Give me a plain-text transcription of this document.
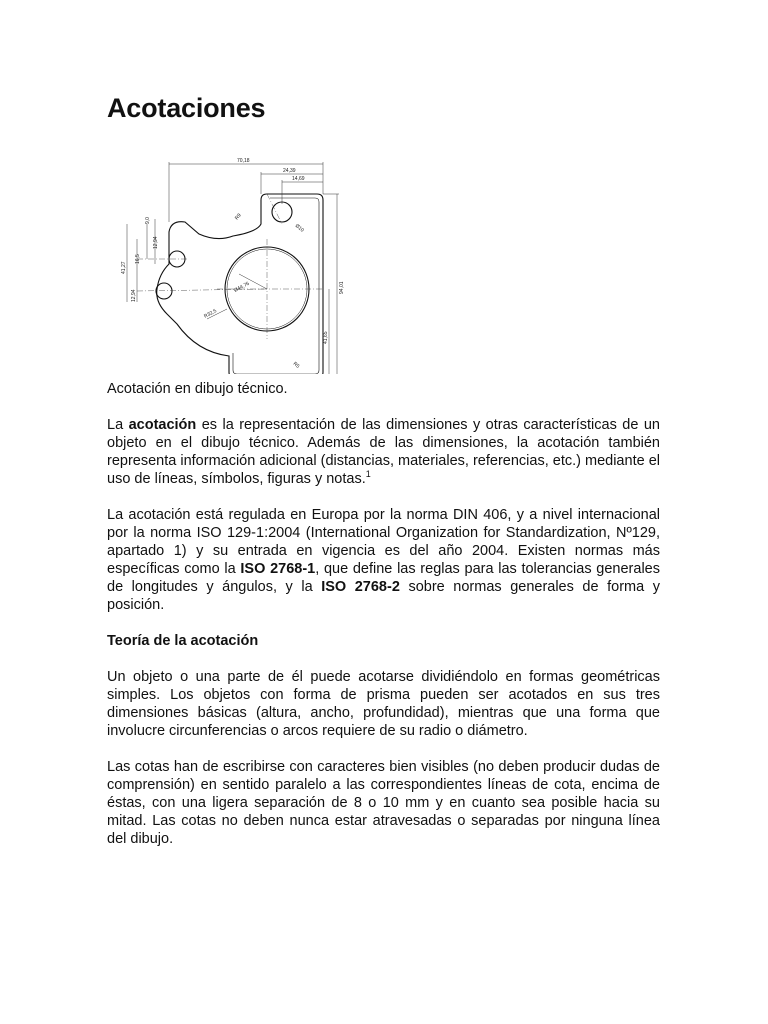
Acotaciones
70,18
24,39
14,69
9,0
12,94
16,5
41,27
12,94
Ø44,76
R32,5
94,01
41,65
R9
Ø10
R5
Acotación en dibujo técnico.

La acotación es la representación de las dimensiones y otras características de un objeto en el dibujo técnico. Además de las dimensiones, la acotación también representa información adicional (distancias, materiales, referencias, etc.) mediante el uso de líneas, símbolos, figuras y notas.$^1$

La acotación está regulada en Europa por la norma DIN 406, y a nivel internacional por la norma ISO 129-1:2004 (International Organization for Standardization, Nº129, apartado 1) y su entrada en vigencia es del año 2004. Existen normas más específicas como la ISO 2768-1, que define las reglas para las tolerancias generales de longitudes y ángulos, y la ISO 2768-2 sobre normas generales de forma y posición.

Teoría de la acotación

Un objeto o una parte de él puede acotarse dividiéndolo en formas geométricas simples. Los objetos con forma de prisma pueden ser acotados en sus tres dimensiones básicas (altura, ancho, profundidad), mientras que una forma que involucre circunferencias o arcos requiere de su radio o diámetro.

Las cotas han de escribirse con caracteres bien visibles (no deben producir dudas de comprensión) en sentido paralelo a las correspondientes líneas de cota, encima de éstas, con una ligera separación de 8 o 10 mm y en cuanto sea posible hacia su mitad. Las cotas no deben nunca estar atravesadas o separadas por ninguna línea del dibujo.
